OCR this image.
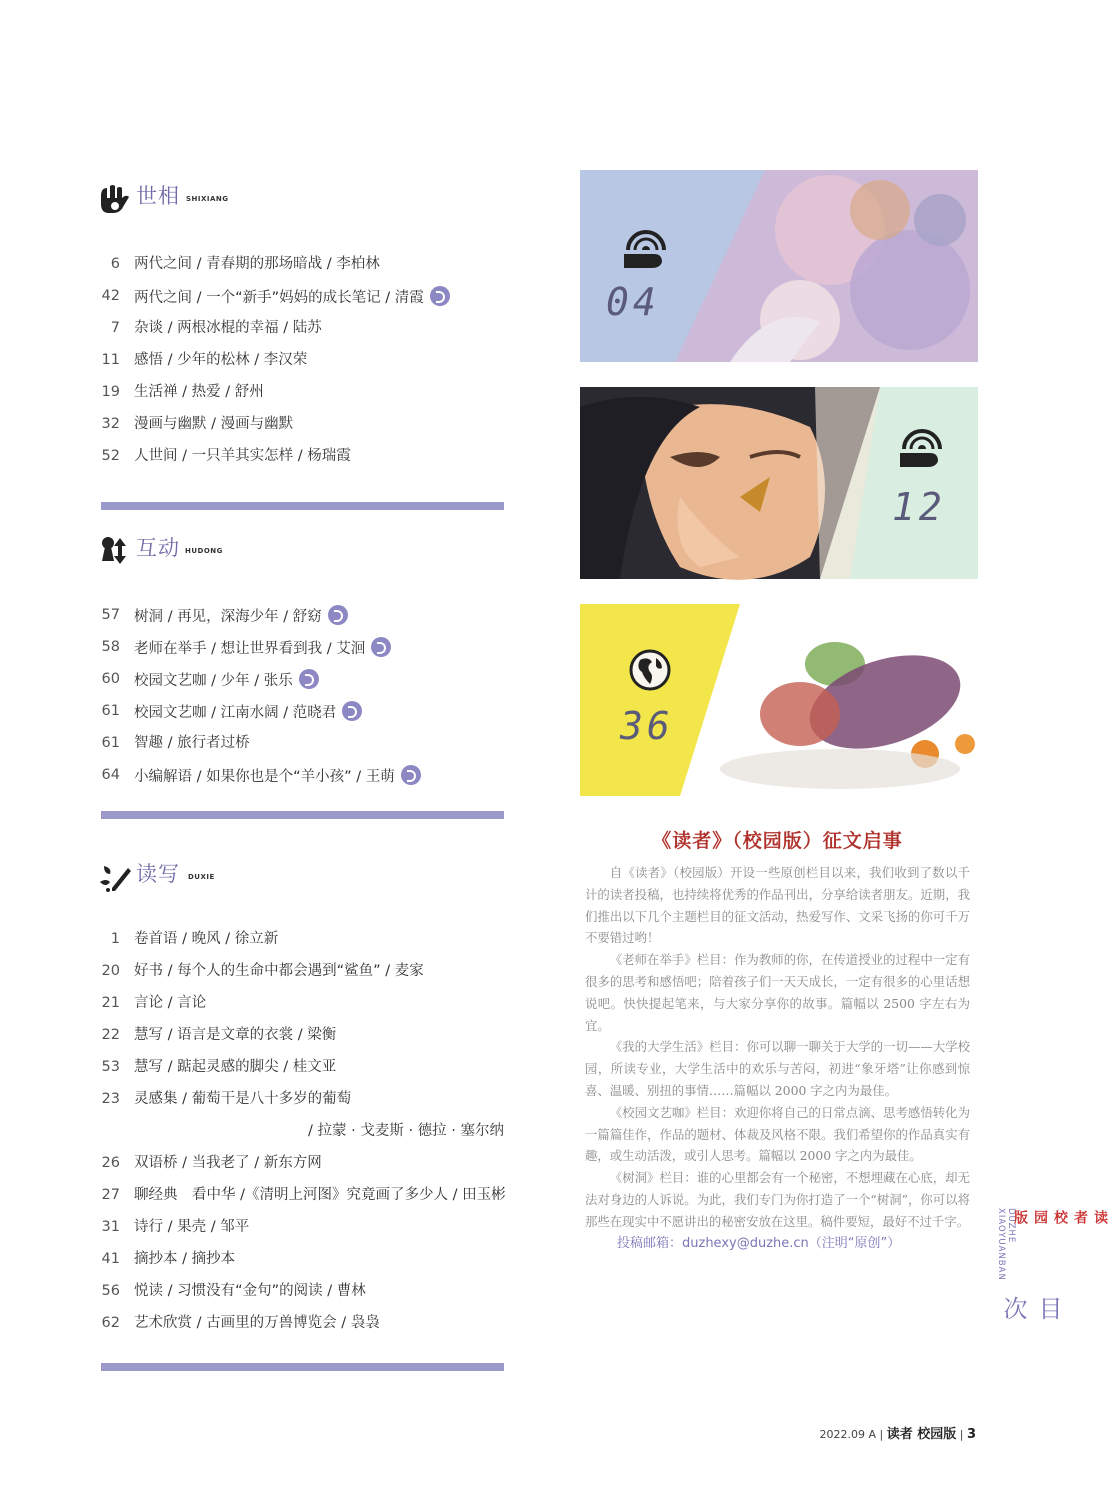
世相 SHIXIANG
6 两代之间 / 青春期的那场暗战 / 李柏林
42 两代之间 / 一个“新手”妈妈的成长笔记 / 清霞
7 杂谈 / 两根冰棍的幸福 / 陆苏
11 感悟 / 少年的松林 / 李汉荣
19 生活禅 / 热爱 / 舒州
32 漫画与幽默 / 漫画与幽默
52 人世间 / 一只羊其实怎样 / 杨瑞霞
互动 HUDONG
57 树洞 / 再见，深海少年 / 舒窈
58 老师在举手 / 想让世界看到我 / 艾洄
60 校园文艺咖 / 少年 / 张乐
61 校园文艺咖 / 江南水阔 / 范晓君
61 智趣 / 旅行者过桥
64 小编解语 / 如果你也是个“羊小孩” / 王萌
读写 DUXIE
1 卷首语 / 晚风 / 徐立新
20 好书 / 每个人的生命中都会遇到“鲨鱼” / 麦家
21 言论 / 言论
22 慧写 / 语言是文章的衣裳 / 梁衡
53 慧写 / 踮起灵感的脚尖 / 桂文亚
23 灵感集 / 葡萄干是八十多岁的葡萄
/ 拉蒙 · 戈麦斯 · 德拉 · 塞尔纳
26 双语桥 / 当我老了 / 新东方网
27 聊经典　看中华 /《清明上河图》究竟画了多少人 / 田玉彬
31 诗行 / 果壳 / 邹平
41 摘抄本 / 摘抄本
56 悦读 / 习惯没有“金句”的阅读 / 曹林
62 艺术欣赏 / 古画里的万兽博览会 / 袅袅
04
12
36
《读者》（校园版）征文启事

自《读者》（校园版）开设一些原创栏目以来，我们收到了数以千计的读者投稿，也持续将优秀的作品刊出，分享给读者朋友。近期，我们推出以下几个主题栏目的征文活动，热爱写作、文采飞扬的你可千万不要错过哟！

《老师在举手》栏目：作为教师的你，在传道授业的过程中一定有很多的思考和感悟吧；陪着孩子们一天天成长，一定有很多的心里话想说吧。快快提起笔来，与大家分享你的故事。篇幅以 2500 字左右为宜。

《我的大学生活》栏目：你可以聊一聊关于大学的一切——大学校园，所读专业，大学生活中的欢乐与苦闷，初进“象牙塔”让你感到惊喜、温暖、别扭的事情……篇幅以 2000 字之内为最佳。

《校园文艺咖》栏目：欢迎你将自己的日常点滴、思考感悟转化为一篇篇佳作，作品的题材、体裁及风格不限。我们希望你的作品真实有趣，或生动活泼，或引人思考。篇幅以 2000 字之内为最佳。

《树洞》栏目：谁的心里都会有一个秘密，不想埋藏在心底，却无法对身边的人诉说。为此，我们专门为你打造了一个“树洞”，你可以将那些在现实中不愿讲出的秘密安放在这里。稿件要短，最好不过千字。

投稿邮箱：duzhexy@duzhe.cn（注明“原创”）	DUZHE XIAOYUANBAN	读者 校园版
目次
2022.09 A | 读者 校园版 | 3
